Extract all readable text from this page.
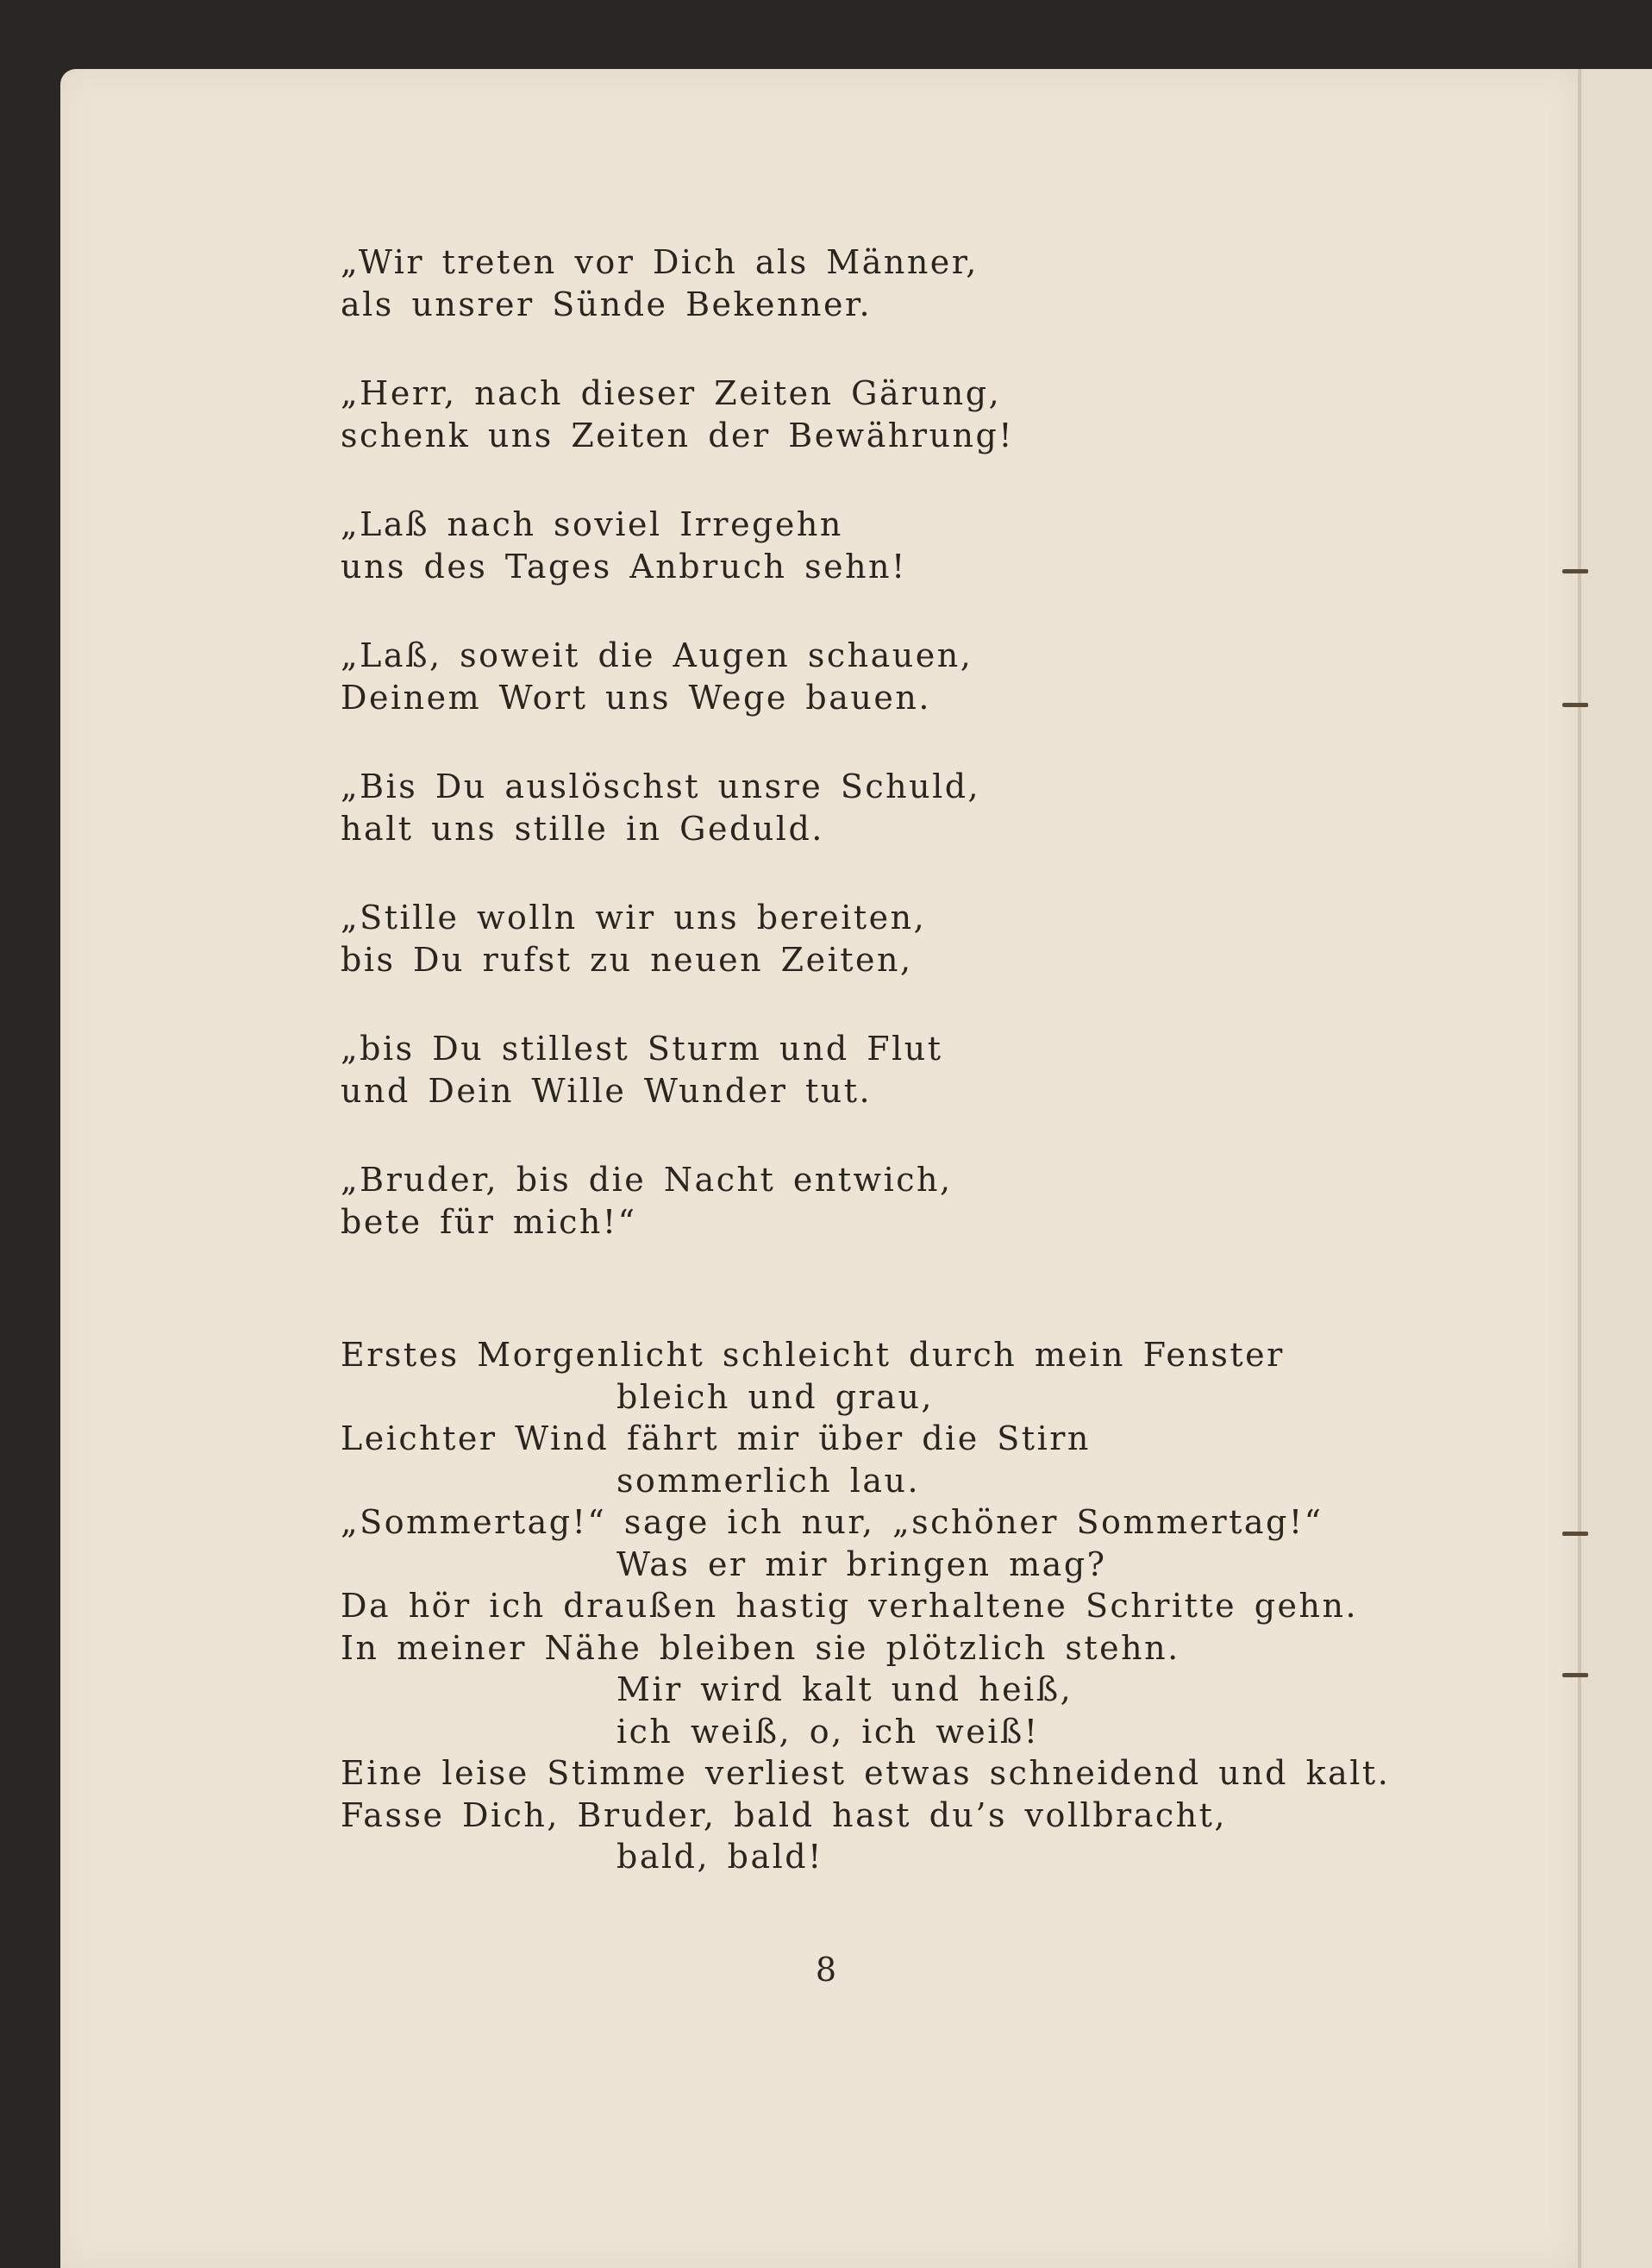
„Wir treten vor Dich als Männer,
als unsrer Sünde Bekenner.
„Herr, nach dieser Zeiten Gärung,
schenk uns Zeiten der Bewährung!
„Laß nach soviel Irregehn
uns des Tages Anbruch sehn!
„Laß, soweit die Augen schauen,
Deinem Wort uns Wege bauen.
„Bis Du auslöschst unsre Schuld,
halt uns stille in Geduld.
„Stille wolln wir uns bereiten,
bis Du rufst zu neuen Zeiten,
„bis Du stillest Sturm und Flut
und Dein Wille Wunder tut.
„Bruder, bis die Nacht entwich,
bete für mich!“
Erstes Morgenlicht schleicht durch mein Fenster
bleich und grau,
Leichter Wind fährt mir über die Stirn
sommerlich lau.
„Sommertag!“ sage ich nur, „schöner Sommertag!“
Was er mir bringen mag?
Da hör ich draußen hastig verhaltene Schritte gehn.
In meiner Nähe bleiben sie plötzlich stehn.
Mir wird kalt und heiß,
ich weiß, o, ich weiß!
Eine leise Stimme verliest etwas schneidend und kalt.
Fasse Dich, Bruder, bald hast du’s vollbracht,
bald, bald!
8
